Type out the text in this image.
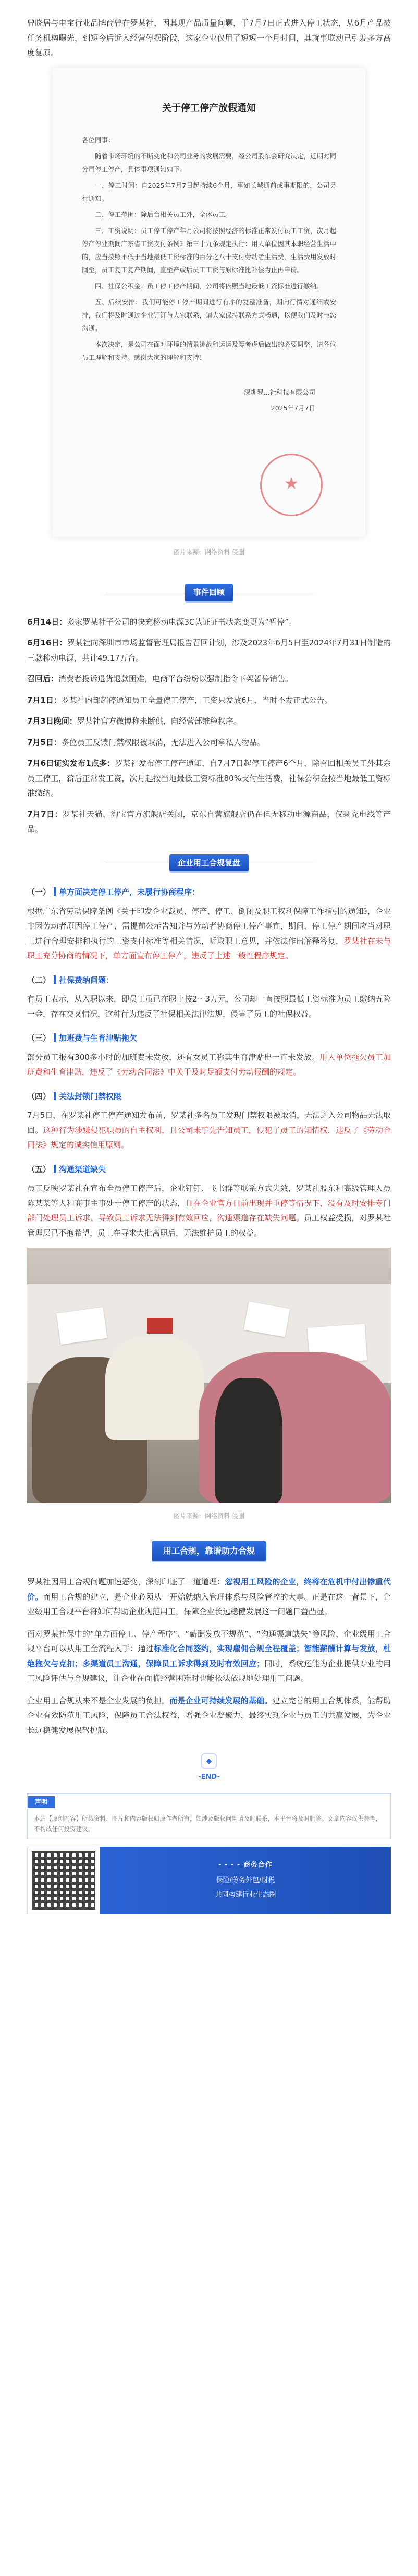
曾晓居与电宝行业品牌商曾在罗某社，因其现产品质量问题，于7月7日正式进入停工状态，从6月产品被任务机构曝光，到短今后近入经营停摆阶段，这家企业仅用了短短一个月时间，其就事联动已引发多方高度复原。

关于停工停产放假通知

各位同事：

随着市场环境的不断变化和公司业务的发展需要，经公司股东会研究决定，近期对同分司停工停产，具体事项通知如下：

一、停工时间：自2025年7月7日起持续6个月，事如长城通前或事期限的，公司另行通知。

二、停工范围：除后台相关员工外，全体员工。

三、工资说明：员工停工停产年月公司将按照经济的标准正常发付员工工资，次月起停产停业期间广东省工资支付条例》第三十九条规定执行：用人单位因其本职经营生活中的，应当按照不低于当地最低工资标准的百分之八十支付劳动者生活费，生活费用发放时间至，员工复工复产期间，直至产或后员工工资与原标准比补偿为止再申请。

四、社保公积金：员工停工停产期间，公司将依照当地最低工资标准进行缴纳。

五、后续安排：我们可能停工停产期间进行有序的复整准备，期向行情对通细或安排，我们将及时通过企业钉钉与大家联系，请大家保持联系方式畅通，以便我们及时与您沟通。

本次决定，是公司在面对环境的情景挑战和运运及筹考虑后做出的必要调整，请各位员工理解和支持。感谢大家的理解和支持！

深圳罗...社科技有限公司
2025年7月7日
★
图片来源：网络资料 侵删
事件回顾

6月14日：多家罗某社子公司的快充移动电源3C认证证书状态变更为“暂停”。

6月16日：罗某社向深圳市市场监督管理局报告召回计划，涉及2023年6月5日至2024年7月31日制造的三款移动电源，共计49.17万台。

召回后：消费者投诉退货退款困难，电商平台纷纷以强制指令下架暂停销售。

7月1日：罗某社内部超停通知员工全量停工停产，工资只发放6月，当时不发正式公告。

7月3日晚间：罗某社官方微博称未断供，向经营部维稳秩序。

7月5日：多位员工反馈门禁权限被取消，无法进入公司拿私人物品。

7月6日证实发布1点多：罗某社发布停工停产通知，自7月7日起停工停产6个月，除召回相关员工外其余员工停工，薪后正常发工资，次月起按当地最低工资标准80%支付生活费，社保公积金按当地最低工资标准缴纳。

7月7日：罗某社天猫、淘宝官方旗舰店关闭，京东自营旗舰店仍在但无移动电源商品，仅剩充电线等产品。

企业用工合规复盘
（一） 单方面决定停工停产，未履行协商程序：

根据广东省劳动保障条例《关于印发企业裁员、停产、停工、倒闭及职工权利保障工作指引的通知》，企业非因劳动者原因停工停产，需提前公示告知并与劳动者协商停工停产事宜，期间，停工停产期间应当对职工进行合理安排和执行的工资支付标准等相关情况，听取职工意见，并依法作出解释答复，罗某社在未与职工充分协商的情况下，单方面宣布停工停产，违反了上述一般性程序规定。

（二） 社保费纳间题：

有员工表示，从入职以来，即员工虽已在职上按2～3万元，公司却一直按照最低工资标准为员工缴纳五险一金，存在交叉情况，这种行为违反了社保相关法律法规，侵害了员工的社保权益。

（三） 加班费与生育津贴拖欠

部分员工报有300多小时的加班费未发放，还有女员工称其生育津贴出一直未发放。用人单位拖欠员工加班费和生育津贴，违反了《劳动合同法》中关于及时足额支付劳动报酬的规定。

（四） 关法封锁门禁权限

7月5日，在罗某社停工停产通知发布前，罗某社多名员工发现门禁权限被取消，无法进入公司物品无法取回。这种行为涉嫌侵犯职员的自主权利，且公司未事先告知员工，侵犯了员工的知情权，违反了《劳动合同法》规定的诚实信用原则。

（五） 沟通渠道缺失

员工反映罗某社在宣布全员停工停产后，企业钉钉、飞书群等联系方式失效，罗某社股东和高级管理人员陈某某等人和商事主事处于停工停产的状态，且在企业官方目前出现并重停等情况下，没有及时安排专门部门处理员工诉求，导致员工诉求无法得到有效回应，沟通渠道存在缺失问题。员工权益受损，对罗某社管理层已不抱希望，员工在寻求大批离职后，无法维护员工的权益。

图片来源：网络资料 侵删
用工合规，靠谱助力合规

罗某社因用工合规问题加速恶变，深刻印证了一道道理：忽视用工风险的企业，终将在危机中付出惨重代价。而用工合规的建立，是企业必须从一开始就纳入管理体系与风险管控的大事。正是在这一背景下，企业级用工合规平台将如何帮助企业规范用工，保障企业长远稳健发展这一问题日益凸显。

面对罗某社保中的“单方面停工、停产程序”、“薪酬发放不规范”、“沟通渠道缺失”等风险，企业级用工合规平台可以从用工全流程入手：通过标准化合同签约，实现雇佣合规全程覆盖；智能薪酬计算与发放，杜绝拖欠与克扣；多渠道员工沟通，保障员工诉求得到及时有效回应；同时，系统还能为企业提供专业的用工风险评估与合规建议，让企业在面临经营困难时也能依法依规地处理用工问题。

企业用工合规从来不是企业发展的负担，而是企业可持续发展的基础。建立完善的用工合规体系，能帮助企业有效防范用工风险，保障员工合法权益，增强企业凝聚力，最终实现企业与员工的共赢发展，为企业长远稳健发展保驾护航。

◆
-END-
声明
本站【原创内容】所载资料、图片和内容版权归原作者所有，如涉及版权问题请及时联系，本平台将及时删除。文章内容仅供参考，不构成任何投资建议。
- - - - 商务合作
保险/劳务外包/财税
共同构建行业生态圈
